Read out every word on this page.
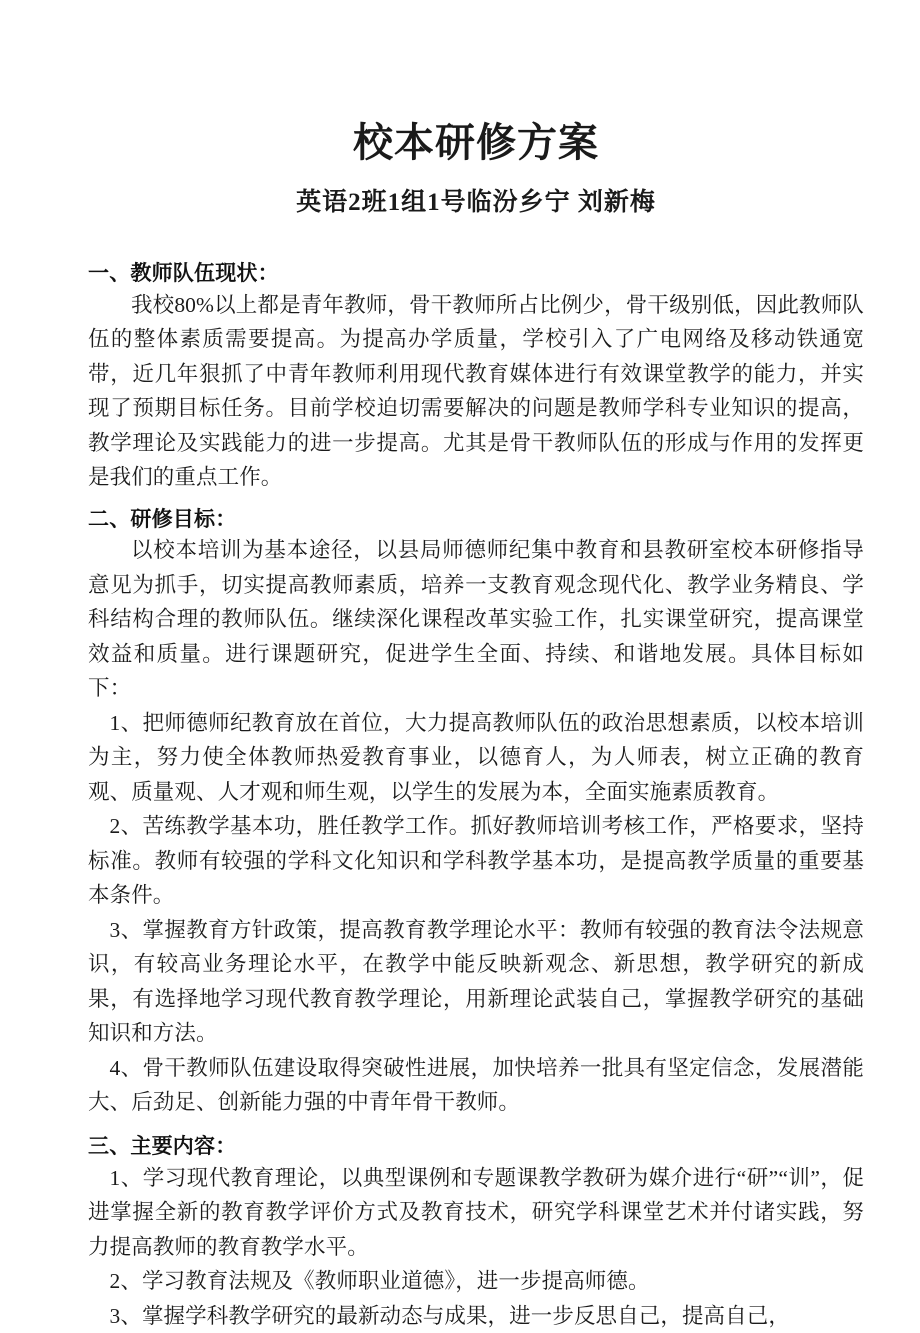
校本研修方案
英语2班1组1号临汾乡宁 刘新梅
一、教师队伍现状：

我校80%以上都是青年教师，骨干教师所占比例少，骨干级别低，因此教师队伍的整体素质需要提高。为提高办学质量，学校引入了广电网络及移动铁通宽带，近几年狠抓了中青年教师利用现代教育媒体进行有效课堂教学的能力，并实现了预期目标任务。目前学校迫切需要解决的问题是教师学科专业知识的提高，教学理论及实践能力的进一步提高。尤其是骨干教师队伍的形成与作用的发挥更是我们的重点工作。

二、研修目标：

以校本培训为基本途径，以县局师德师纪集中教育和县教研室校本研修指导意见为抓手，切实提高教师素质，培养一支教育观念现代化、教学业务精良、学科结构合理的教师队伍。继续深化课程改革实验工作，扎实课堂研究，提高课堂效益和质量。进行课题研究，促进学生全面、持续、和谐地发展。具体目标如下：

1、把师德师纪教育放在首位，大力提高教师队伍的政治思想素质，以校本培训为主，努力使全体教师热爱教育事业，以德育人，为人师表，树立正确的教育观、质量观、人才观和师生观，以学生的发展为本，全面实施素质教育。

2、苦练教学基本功，胜任教学工作。抓好教师培训考核工作，严格要求，坚持标准。教师有较强的学科文化知识和学科教学基本功，是提高教学质量的重要基本条件。

3、掌握教育方针政策，提高教育教学理论水平：教师有较强的教育法令法规意识，有较高业务理论水平，在教学中能反映新观念、新思想，教学研究的新成果，有选择地学习现代教育教学理论，用新理论武装自己，掌握教学研究的基础知识和方法。

4、骨干教师队伍建设取得突破性进展，加快培养一批具有坚定信念，发展潜能大、后劲足、创新能力强的中青年骨干教师。

三、主要内容：

1、学习现代教育理论，以典型课例和专题课教学教研为媒介进行“研”“训”，促进掌握全新的教育教学评价方式及教育技术，研究学科课堂艺术并付诸实践，努力提高教师的教育教学水平。

2、学习教育法规及《教师职业道德》，进一步提高师德。

3、掌握学科教学研究的最新动态与成果，进一步反思自己，提高自己，
